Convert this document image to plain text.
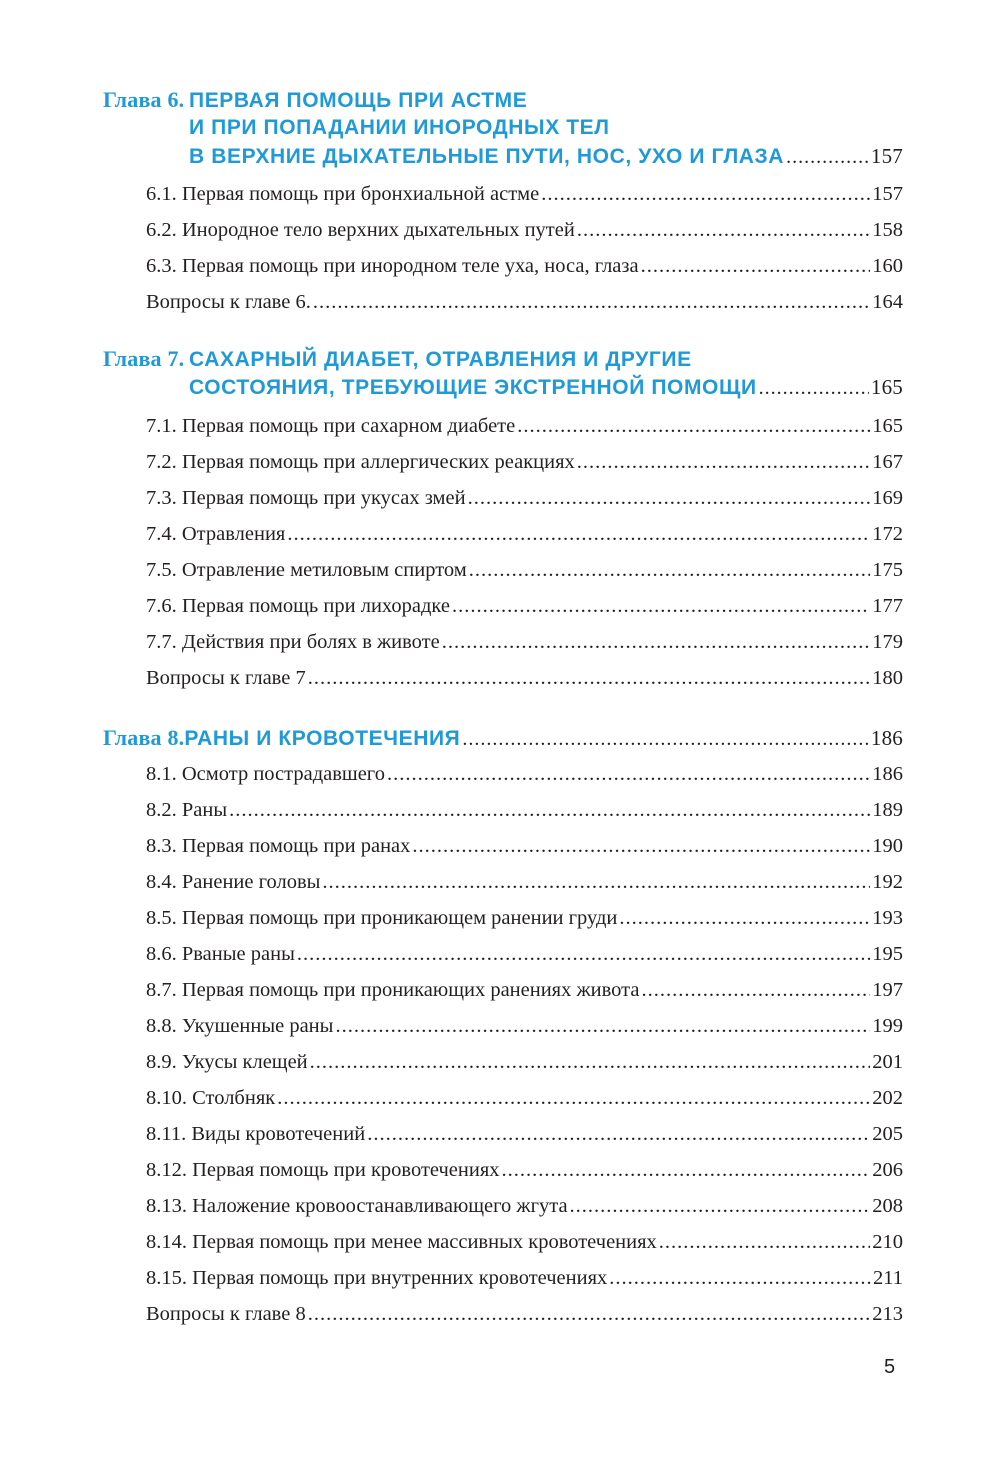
Глава 6. ПЕРВАЯ ПОМОЩЬ ПРИ АСТМЕ
И ПРИ ПОПАДАНИИ ИНОРОДНЫХ ТЕЛ
В ВЕРХНИЕ ДЫХАТЕЛЬНЫЕ ПУТИ, НОС, УХО И ГЛАЗА .....	157
6.1. Первая помощь при бронхиальной астме .....	157
6.2. Инородное тело верхних дыхательных путей .....	158
6.3. Первая помощь при инородном теле уха, носа, глаза .....	160
Вопросы к главе 6. .....	164
Глава 7. САХАРНЫЙ ДИАБЕТ, ОТРАВЛЕНИЯ И ДРУГИЕ
СОСТОЯНИЯ, ТРЕБУЮЩИЕ ЭКСТРЕННОЙ ПОМОЩИ .....	165
7.1. Первая помощь при сахарном диабете .....	165
7.2. Первая помощь при аллергических реакциях .....	167
7.3. Первая помощь при укусах змей .....	169
7.4. Отравления .....	172
7.5. Отравление метиловым спиртом .....	175
7.6. Первая помощь при лихорадке .....	177
7.7. Действия при болях в животе .....	179
Вопросы к главе 7 .....	180
Глава 8. РАНЫ И КРОВОТЕЧЕНИЯ .....	186
8.1. Осмотр пострадавшего .....	186
8.2. Раны .....	189
8.3. Первая помощь при ранах .....	190
8.4. Ранение головы .....	192
8.5. Первая помощь при проникающем ранении груди .....	193
8.6. Рваные раны .....	195
8.7. Первая помощь при проникающих ранениях живота .....	197
8.8. Укушенные раны .....	199
8.9. Укусы клещей .....	201
8.10. Столбняк .....	202
8.11. Виды кровотечений .....	205
8.12. Первая помощь при кровотечениях .....	206
8.13. Наложение кровоостанавливающего жгута .....	208
8.14. Первая помощь при менее массивных кровотечениях .....	210
8.15. Первая помощь при внутренних кровотечениях .....	211
Вопросы к главе 8 .....	213
5
